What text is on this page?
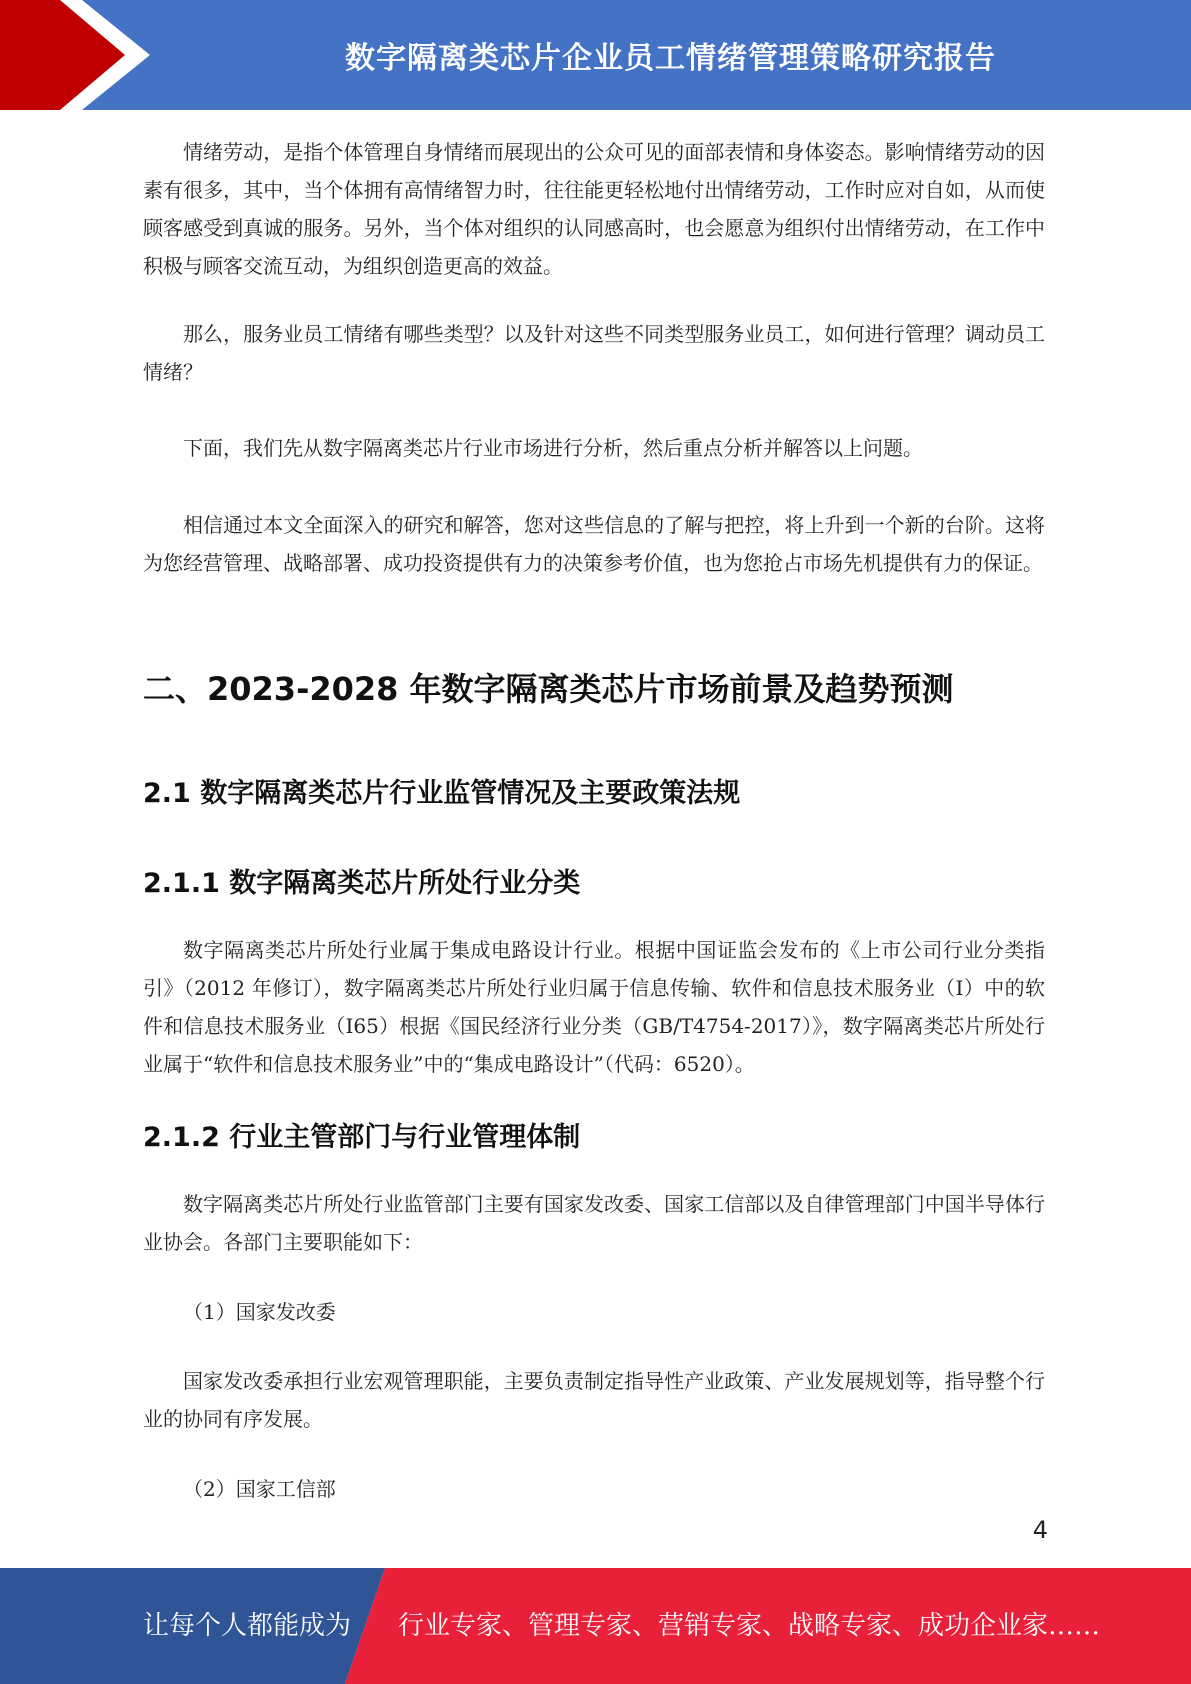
数字隔离类芯片企业员工情绪管理策略研究报告

情绪劳动，是指个体管理自身情绪而展现出的公众可见的面部表情和身体姿态。影响情绪劳动的因素有很多，其中，当个体拥有高情绪智力时，往往能更轻松地付出情绪劳动，工作时应对自如，从而使顾客感受到真诚的服务。另外，当个体对组织的认同感高时，也会愿意为组织付出情绪劳动，在工作中积极与顾客交流互动，为组织创造更高的效益。

那么，服务业员工情绪有哪些类型？以及针对这些不同类型服务业员工，如何进行管理？调动员工情绪？

下面，我们先从数字隔离类芯片行业市场进行分析，然后重点分析并解答以上问题。

相信通过本文全面深入的研究和解答，您对这些信息的了解与把控，将上升到一个新的台阶。这将为您经营管理、战略部署、成功投资提供有力的决策参考价值，也为您抢占市场先机提供有力的保证。

二、2023-2028 年数字隔离类芯片市场前景及趋势预测
2.1 数字隔离类芯片行业监管情况及主要政策法规
2.1.1 数字隔离类芯片所处行业分类

数字隔离类芯片所处行业属于集成电路设计行业。根据中国证监会发布的《上市公司行业分类指引》（2012 年修订），数字隔离类芯片所处行业归属于信息传输、软件和信息技术服务业（I）中的软件和信息技术服务业（I65）根据《国民经济行业分类（GB/T4754-2017）》，数字隔离类芯片所处行业属于“软件和信息技术服务业”中的“集成电路设计”（代码：6520）。

2.1.2 行业主管部门与行业管理体制

数字隔离类芯片所处行业监管部门主要有国家发改委、国家工信部以及自律管理部门中国半导体行业协会。各部门主要职能如下：

（1）国家发改委

国家发改委承担行业宏观管理职能，主要负责制定指导性产业政策、产业发展规划等，指导整个行业的协同有序发展。

（2）国家工信部

4
让每个人都能成为 行业专家、管理专家、营销专家、战略专家、成功企业家……
